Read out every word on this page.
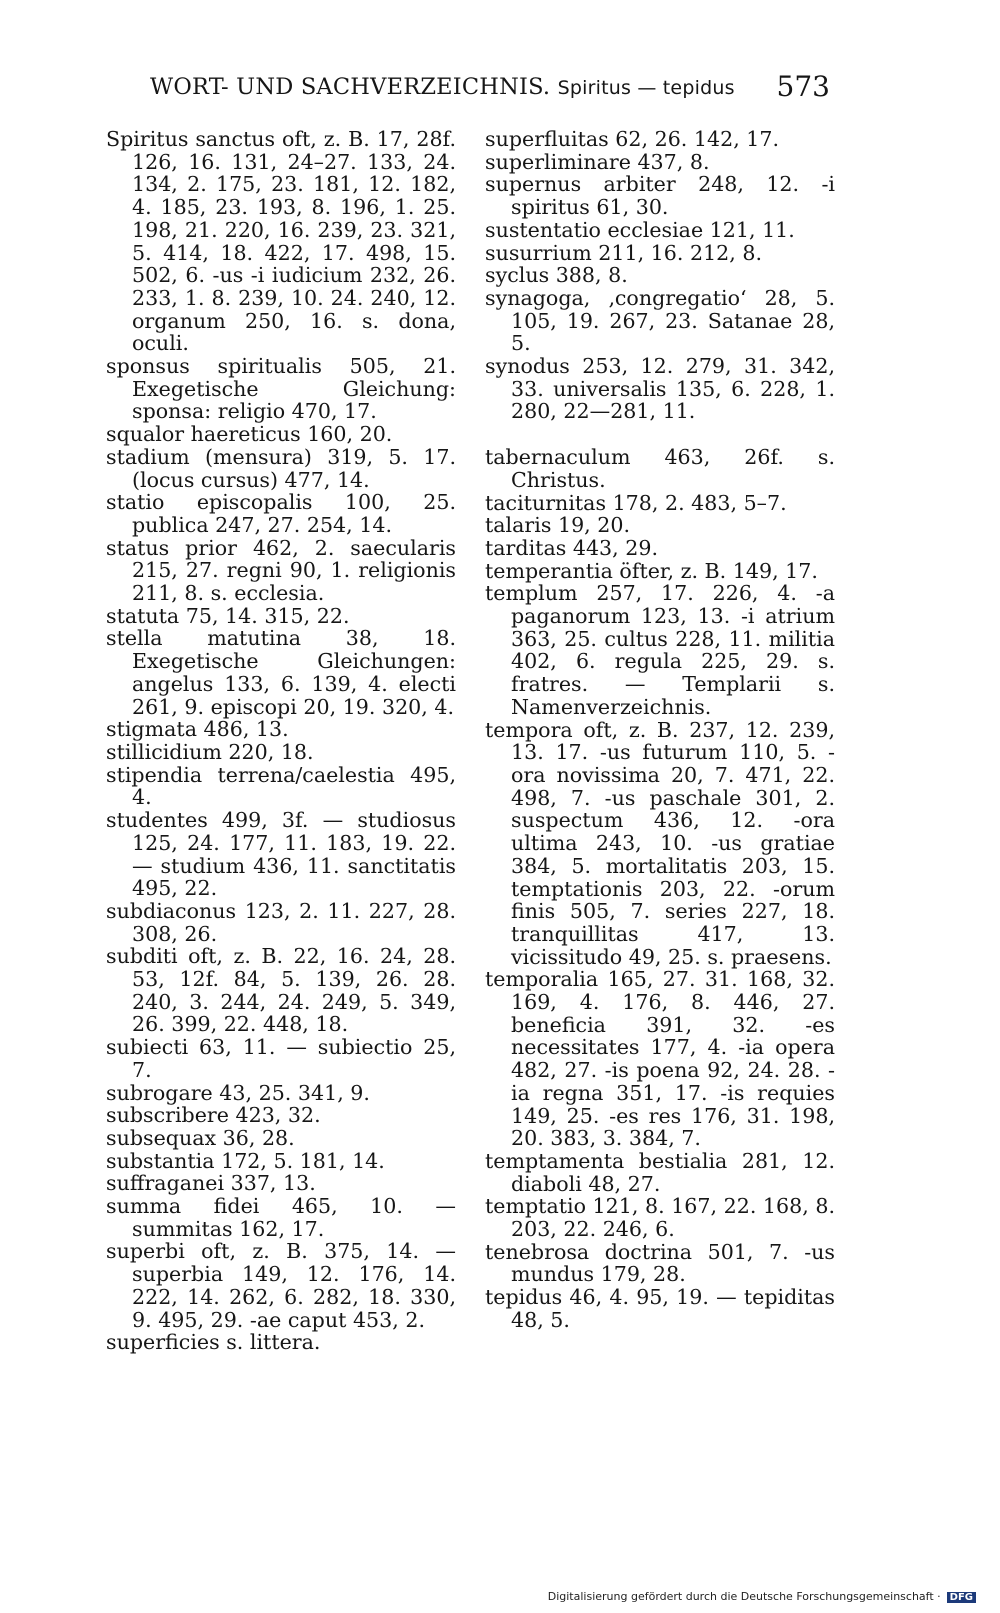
WORT- UND SACHVERZEICHNIS. Spiritus — tepidus 573
Spiritus sanctus oft, z. B. 17, 28f. 126, 16. 131, 24–27. 133, 24. 134, 2. 175, 23. 181, 12. 182, 4. 185, 23. 193, 8. 196, 1. 25. 198, 21. 220, 16. 239, 23. 321, 5. 414, 18. 422, 17. 498, 15. 502, 6. -us -i iudicium 232, 26. 233, 1. 8. 239, 10. 24. 240, 12. organum 250, 16. s. dona, oculi.
sponsus spiritualis 505, 21. Exegetische Gleichung: sponsa: religio 470, 17.
squalor haereticus 160, 20.
stadium (mensura) 319, 5. 17. (locus cursus) 477, 14.
statio episcopalis 100, 25. publica 247, 27. 254, 14.
status prior 462, 2. saecularis 215, 27. regni 90, 1. religionis 211, 8. s. ecclesia.
statuta 75, 14. 315, 22.
stella matutina 38, 18. Exegetische Gleichungen: angelus 133, 6. 139, 4. electi 261, 9. episcopi 20, 19. 320, 4.
stigmata 486, 13.
stillicidium 220, 18.
stipendia terrena/caelestia 495, 4.
studentes 499, 3f. — studiosus 125, 24. 177, 11. 183, 19. 22. — studium 436, 11. sanctitatis 495, 22.
subdiaconus 123, 2. 11. 227, 28. 308, 26.
subditi oft, z. B. 22, 16. 24, 28. 53, 12f. 84, 5. 139, 26. 28. 240, 3. 244, 24. 249, 5. 349, 26. 399, 22. 448, 18.
subiecti 63, 11. — subiectio 25, 7.
subrogare 43, 25. 341, 9.
subscribere 423, 32.
subsequax 36, 28.
substantia 172, 5. 181, 14.
suffraganei 337, 13.
summa fidei 465, 10. — summitas 162, 17.
superbi oft, z. B. 375, 14. — superbia 149, 12. 176, 14. 222, 14. 262, 6. 282, 18. 330, 9. 495, 29. -ae caput 453, 2.
superficies s. littera.
superfluitas 62, 26. 142, 17.
superliminare 437, 8.
supernus arbiter 248, 12. -i spiritus 61, 30.
sustentatio ecclesiae 121, 11.
susurrium 211, 16. 212, 8.
syclus 388, 8.
synagoga, ‚congregatio‘ 28, 5. 105, 19. 267, 23. Satanae 28, 5.
synodus 253, 12. 279, 31. 342, 33. universalis 135, 6. 228, 1. 280, 22—281, 11.
tabernaculum 463, 26f. s. Christus.
taciturnitas 178, 2. 483, 5–7.
talaris 19, 20.
tarditas 443, 29.
temperantia öfter, z. B. 149, 17.
templum 257, 17. 226, 4. -a paganorum 123, 13. -i atrium 363, 25. cultus 228, 11. militia 402, 6. regula 225, 29. s. fratres. — Templarii s. Namenverzeichnis.
tempora oft, z. B. 237, 12. 239, 13. 17. -us futurum 110, 5. -ora novissima 20, 7. 471, 22. 498, 7. -us paschale 301, 2. suspectum 436, 12. -ora ultima 243, 10. -us gratiae 384, 5. mortalitatis 203, 15. temptationis 203, 22. -orum finis 505, 7. series 227, 18. tranquillitas 417, 13. vicissitudo 49, 25. s. praesens.
temporalia 165, 27. 31. 168, 32. 169, 4. 176, 8. 446, 27. beneficia 391, 32. -es necessitates 177, 4. -ia opera 482, 27. -is poena 92, 24. 28. -ia regna 351, 17. -is requies 149, 25. -es res 176, 31. 198, 20. 383, 3. 384, 7.
temptamenta bestialia 281, 12. diaboli 48, 27.
temptatio 121, 8. 167, 22. 168, 8. 203, 22. 246, 6.
tenebrosa doctrina 501, 7. -us mundus 179, 28.
tepidus 46, 4. 95, 19. — tepiditas 48, 5.
Digitalisierung gefördert durch die Deutsche Forschungsgemeinschaft · DFG
